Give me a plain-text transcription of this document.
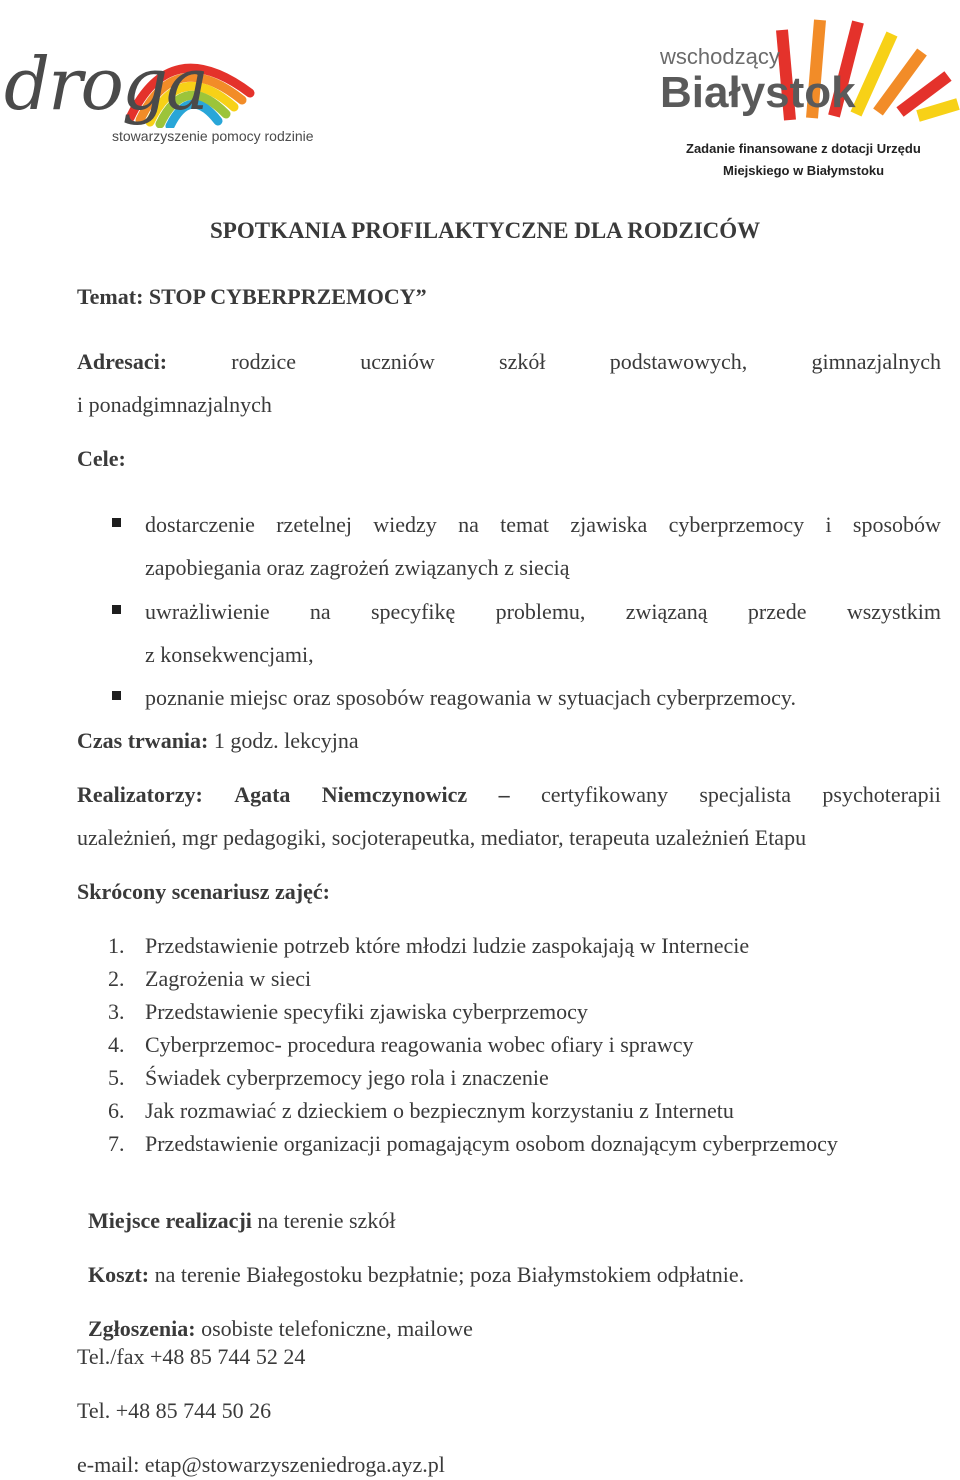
droga
stowarzyszenie pomocy rodzinie
wschodzący
Białystok
Zadanie finansowane z dotacji Urzędu
Miejskiego w Białymstoku
SPOTKANIA PROFILAKTYCZNE DLA RODZICÓW
Temat: STOP CYBERPRZEMOCY”
Adresaci:	rodzice	uczniów	szkół	podstawowych,	gimnazjalnych
i ponadgimnazjalnych
Cele:
dostarczenie rzetelnej wiedzy na temat zjawiska cyberprzemocy i sposobów
zapobiegania oraz zagrożeń związanych z siecią
uwrażliwienie na specyfikę problemu, związaną przede wszystkim
z konsekwencjami,
poznanie miejsc oraz sposobów reagowania w sytuacjach cyberprzemocy.
Czas trwania: 1 godz. lekcyjna
Realizatorzy: Agata Niemczynowicz – certyfikowany specjalista psychoterapii
uzależnień, mgr pedagogiki, socjoterapeutka, mediator, terapeuta uzależnień Etapu
Skrócony scenariusz zajęć:
1. Przedstawienie potrzeb które młodzi ludzie zaspokajają w Internecie
2. Zagrożenia w sieci
3. Przedstawienie specyfiki zjawiska cyberprzemocy
4. Cyberprzemoc- procedura reagowania wobec ofiary i sprawcy
5. Świadek cyberprzemocy jego rola i znaczenie
6. Jak rozmawiać z dzieckiem o bezpiecznym korzystaniu z Internetu
7. Przedstawienie organizacji pomagającym osobom doznającym cyberprzemocy

Miejsce realizacji na terenie szkół

Koszt: na terenie Białegostoku bezpłatnie; poza Białymstokiem odpłatnie.

Zgłoszenia: osobiste telefoniczne, mailowe

Tel./fax +48 85 744 52 24
Tel. +48 85 744 50 26
e-mail: etap@stowarzyszeniedroga.ayz.pl
